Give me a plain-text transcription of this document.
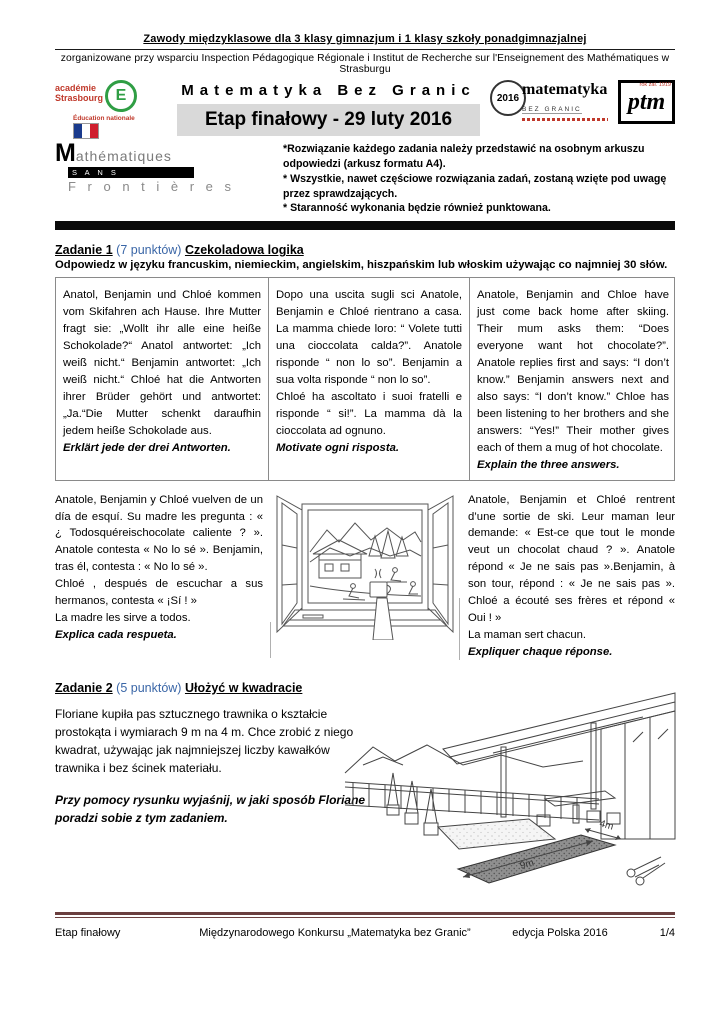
Zawody międzyklasowe dla 3 klasy gimnazjum i 1 klasy szkoły ponadgimnazjalnej
zorganizowane przy wsparciu Inspection Pédagogique Régionale i Institut de Recherche sur l'Enseignement des Mathématiques w Strasburgu
académie
Strasbourg E
Éducation nationale
Matematyka Bez Granic
Etap finałowy - 29 luty 2016
2016 matematyka
BEZ GRANIC	ptm
rok zał. 1919
Mathématiques
S A N S
F r o n t i è r e s
*Rozwiązanie każdego zadania należy przedstawić na osobnym arkuszu odpowiedzi (arkusz formatu A4).
* Wszystkie, nawet częściowe rozwiązania zadań, zostaną wzięte pod uwagę przez sprawdzających.
* Staranność wykonania będzie również punktowana.
Zadanie 1 (7 punktów) Czekoladowa logika
Odpowiedz w języku francuskim, niemieckim, angielskim, hiszpańskim lub włoskim używając co najmniej 30 słów.

Anatol, Benjamin und Chloé kommen vom Skifahren ach Hause. Ihre Mutter fragt sie: „Wollt ihr alle eine heiße Schokolade?“ Anatol antwortet: „Ich weiß nicht.“ Benjamin antwortet: „Ich weiß nicht.“ Chloé hat die Antworten ihrer Brüder gehört und antwortet: „Ja.“Die Mutter schenkt daraufhin jedem heiße Schokolade aus.

Erklärt jede der drei Antworten.

Dopo una uscita sugli sci Anatole, Benjamin e Chloé rientrano a casa. La mamma chiede loro: “ Volete tutti una cioccolata calda?”. Anatole risponde “ non lo so”. Benjamin a sua volta risponde “ non lo so”.

Chloé ha ascoltato i suoi fratelli e risponde “ si!”. La mamma dà la cioccolata ad ognuno.

Motivate ogni risposta.

Anatole, Benjamin and Chloe have just come back home after skiing. Their mum asks them: “Does everyone want hot chocolate?”. Anatole replies first and says: “I don’t know.” Benjamin answers next and also says: “I don’t know.” Chloe has been listening to her brothers and she answers: “Yes!” Their mother gives each of them a mug of hot chocolate.

Explain the three answers.

Anatole, Benjamin y Chloé vuelven de un día de esquí. Su madre les pregunta : « ¿ Todosquéreischocolate caliente ? ». Anatole contesta « No lo sé ». Benjamin, tras él, contesta : « No lo sé ».

Chloé , después de escuchar a sus hermanos, contesta « ¡Sí ! »

La madre les sirve a todos.

Explica cada respueta.

Anatole, Benjamin et Chloé rentrent d’une sortie de ski. Leur maman leur demande: « Est-ce que tout le monde veut un chocolat chaud ? ». Anatole répond « Je ne sais pas ».Benjamin, à son tour, répond : « Je ne sais pas ». Chloé a écouté ses frères et répond « Oui ! »

La maman sert chacun.

Expliquer chaque réponse.

Zadanie 2 (5 punktów) Ułożyć w kwadracie

Floriane kupiła pas sztucznego trawnika o kształcie prostokąta i wymiarach 9 m na 4 m. Chce zrobić z niego kwadrat, używając jak najmniejszej liczby kawałków trawnika i bez ścinek materiału.

Przy pomocy rysunku wyjaśnij, w jaki sposób Floriane poradzi sobie z tym zadaniem.

4m
9m
Etap finałowy	Międzynarodowego Konkursu „Matematyka bez Granic”	edycja Polska 2016	1/4
